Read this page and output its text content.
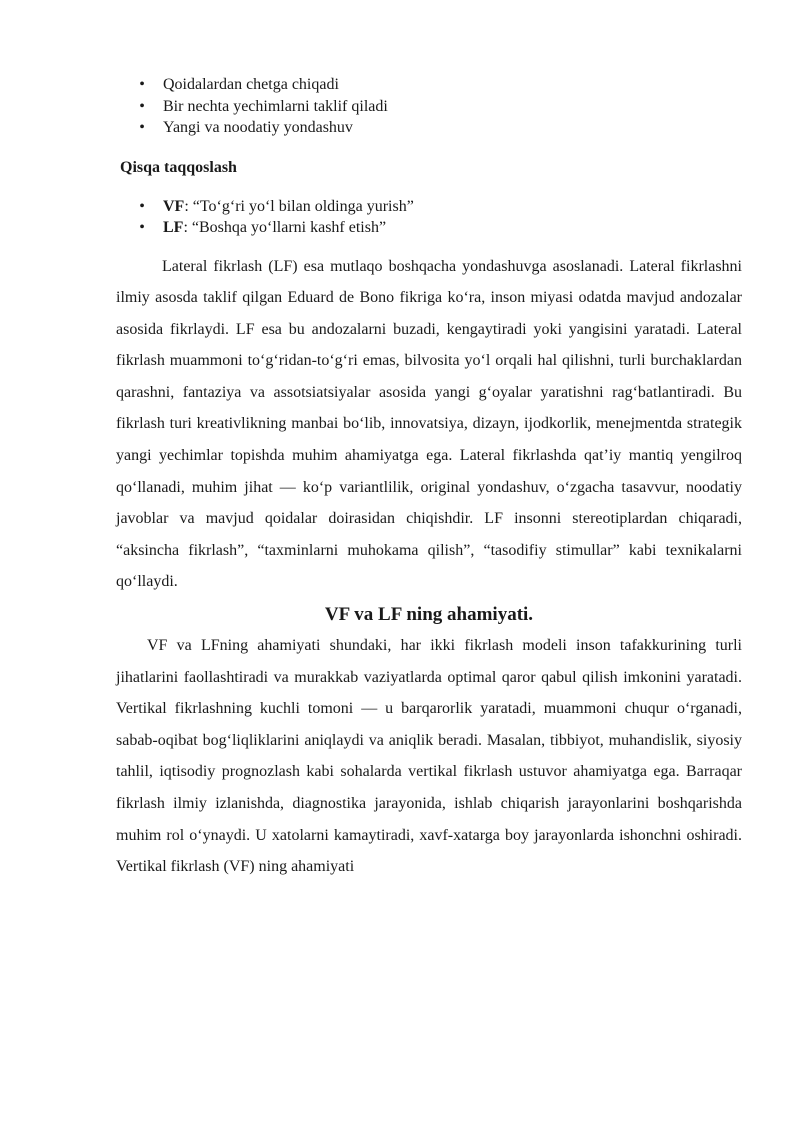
• Qoidalardan chetga chiqadi
• Bir nechta yechimlarni taklif qiladi
• Yangi va noodatiy yondashuv
Qisqa taqqoslash
• VF: “To‘g‘ri yo‘l bilan oldinga yurish”
• LF: “Boshqa yo‘llarni kashf etish”

Lateral fikrlash (LF) esa mutlaqo boshqacha yondashuvga asoslanadi. Lateral fikrlashni ilmiy asosda taklif qilgan Eduard de Bono fikriga ko‘ra, inson miyasi odatda mavjud andozalar asosida fikrlaydi. LF esa bu andozalarni buzadi, kengaytiradi yoki yangisini yaratadi. Lateral fikrlash muammoni to‘g‘ridan-to‘g‘ri emas, bilvosita yo‘l orqali hal qilishni, turli burchaklardan qarashni, fantaziya va assotsiatsiyalar asosida yangi g‘oyalar yaratishni rag‘batlantiradi. Bu fikrlash turi kreativlikning manbai bo‘lib, innovatsiya, dizayn, ijodkorlik, menejmentda strategik yangi yechimlar topishda muhim ahamiyatga ega. Lateral fikrlashda qat’iy mantiq yengilroq qo‘llanadi, muhim jihat — ko‘p variantlilik, original yondashuv, o‘zgacha tasavvur, noodatiy javoblar va mavjud qoidalar doirasidan chiqishdir. LF insonni stereotiplardan chiqaradi, “aksincha fikrlash”, “taxminlarni muhokama qilish”, “tasodifiy stimullar” kabi texnikalarni qo‘llaydi.

VF va LF ning ahamiyati.

VF va LFning ahamiyati shundaki, har ikki fikrlash modeli inson tafakkurining turli jihatlarini faollashtiradi va murakkab vaziyatlarda optimal qaror qabul qilish imkonini yaratadi. Vertikal fikrlashning kuchli tomoni — u barqarorlik yaratadi, muammoni chuqur o‘rganadi, sabab-oqibat bog‘liqliklarini aniqlaydi va aniqlik beradi. Masalan, tibbiyot, muhandislik, siyosiy tahlil, iqtisodiy prognozlash kabi sohalarda vertikal fikrlash ustuvor ahamiyatga ega. Barraqar fikrlash ilmiy izlanishda, diagnostika jarayonida, ishlab chiqarish jarayonlarini boshqarishda muhim rol o‘ynaydi. U xatolarni kamaytiradi, xavf-xatarga boy jarayonlarda ishonchni oshiradi. Vertikal fikrlash (VF) ning ahamiyati
